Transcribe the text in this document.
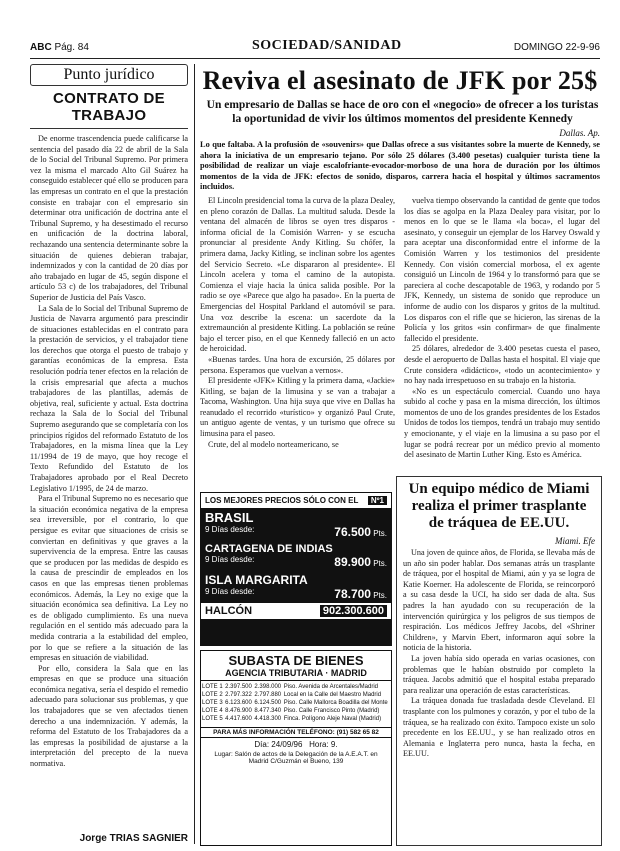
ABC Pág. 84	SOCIEDAD/SANIDAD	DOMINGO 22-9-96
Punto jurídico
CONTRATO DE TRABAJO

De enorme trascendencia puede calificarse la sentencia del pasado día 22 de abril de la Sala de lo Social del Tribunal Supremo. Por primera vez la misma el marcado Alto Gil Suárez ha conseguido establecer qué ello se producen para las empresas un contrato en el que la prestación consiste en trabajar con el empresario sin determinar otra unificación de doctrina ante el Tribunal Supremo, y ha desestimado el recurso en unificación de la doctrina laboral, rechazando una sentencia determinante sobre la situación de quienes debieran trabajar, indemnizados y con la cantidad de 20 días por año trabajado en lugar de 45, según dispone el artículo 53 c) de los trabajadores, del Tribunal Superior de Justicia del País Vasco.

La Sala de lo Social del Tribunal Supremo de Justicia de Navarra argumentó para prescindir de situaciones establecidas en el contrato para la prestación de servicios, y el trabajador tiene los derechos que otorga el puesto de trabajo y garantías económicas de la empresa. Esta resolución podría tener efectos en la relación de la crisis empresarial que afecta a muchos trabajadores de las plantillas, además de objetiva, real, suficiente y actual. Esta doctrina rechaza la Sala de lo Social del Tribunal Supremo asegurando que se completaría con los principios rígidos del reformado Estatuto de los Trabajadores, en la misma línea que la Ley 11/1994 de 19 de mayo, que hoy recoge el Texto Refundido del Estatuto de los Trabajadores aprobado por el Real Decreto Legislativo 1/1995, de 24 de marzo.

Para el Tribunal Supremo no es necesario que la situación económica negativa de la empresa sea irreversible, por el contrario, lo que persigue es evitar que situaciones de crisis se conviertan en definitivas y que graves a la supervivencia de la empresa. Entre las causas que se producen por las medidas de despido es la causa de prescindir de empleados en los casos en que las empresas tienen problemas económicos. Además, la Ley no exige que la situación económica sea definitiva. La Ley no es de obligado cumplimiento. Es una nueva regulación en el sentido más adecuado para la medida contraria a la estabilidad del empleo, por lo que se refiere a la situación de las empresas en situación de viabilidad.

Por ello, considera la Sala que en las empresas en que se produce una situación económica negativa, sería el despido el remedio adecuado para solucionar sus problemas, y que los trabajadores que se ven afectados tienen derecho a una indemnización. Y además, la reforma del Estatuto de los Trabajadores da a las empresas la posibilidad de ajustarse a la interpretación del precepto de la nueva normativa.

Jorge TRIAS SAGNIER
Reviva el asesinato de JFK por 25$
Un empresario de Dallas se hace de oro con el «negocio» de ofrecer a los turistas la oportunidad de vivir los últimos momentos del presidente Kennedy
Dallas. Ap.
Lo que faltaba. A la profusión de «souvenirs» que Dallas ofrece a sus visitantes sobre la muerte de Kennedy, se ahora la iniciativa de un empresario tejano. Por sólo 25 dólares (3.400 pesetas) cualquier turista tiene la posibilidad de realizar un viaje escalofriante-evocador-morboso de una hora de duración por los últimos momentos de la vida de JFK: efectos de sonido, disparos, carrera hacia el hospital y últimos sacramentos incluidos.

El Lincoln presidencial toma la curva de la plaza Dealey, en pleno corazón de Dallas. La multitud saluda. Desde la ventana del almacén de libros se oyen tres disparos -informa oficial de la Comisión Warren- y se escucha pronunciar al presidente Andy Kitling. Su chófer, la primera dama, Jacky Kitling, se inclinan sobre los agentes del Servicio Secreto. «Le dispararon al presidente». El Lincoln acelera y toma el camino de la autopista. Comienza el viaje hacia la única salida posible. Por la radio se oye «Parece que algo ha pasado». En la puerta de Emergencias del Hospital Parkland el automóvil se para. Una voz describe la escena: un sacerdote da la extremaunción al presidente Kitling. La población se reúne bajo el tercer piso, en el que Kennedy falleció en un acto de heroicidad.

«Buenas tardes. Una hora de excursión, 25 dólares por persona. Esperamos que vuelvan a vernos».

El presidente «JFK» Kitling y la primera dama, «Jackie» Kitling, se bajan de la limusina y se van a trabajar a Tacoma, Washington. Una hija suya que vive en Dallas ha reanudado el recorrido «turístico» y organizó Paul Crute, un antiguo agente de ventas, y un turismo que ofrece su limusina para el paseo.

Crute, del al modelo norteamericano, se

vuelva tiempo observando la cantidad de gente que todos los días se agolpa en la Plaza Dealey para visitar, por lo menos en lo que se le llama «la boca», el lugar del asesinato, y conseguir un ejemplar de los Harvey Oswald y para aceptar una disconformidad entre el informe de la Comisión Warren y los testimonios del presidente Kennedy. Con visión comercial morbosa, el ex agente consiguió un Lincoln de 1964 y lo transformó para que se pareciera al coche descapotable de 1963, y rodando por 5 JFK, Kennedy, un sistema de sonido que reproduce un informe de audio con los disparos y gritos de la multitud. Los disparos con el rifle que se hicieron, las sirenas de la Policía y los gritos «sin confirmar» de que finalmente fallecido el presidente.

25 dólares, alrededor de 3.400 pesetas cuesta el paseo, desde el aeropuerto de Dallas hasta el hospital. El viaje que Crute considera «didáctico», «todo un acontecimiento» y no hay nada irrespetuoso en su trabajo en la historia.

«No es un espectáculo comercial. Cuando uno haya subido al coche y pasa en la misma dirección, los últimos momentos de uno de los grandes presidentes de los Estados Unidos de todos los tiempos, tendrá un trabajo muy sentido y emocionante, y el viaje en la limusina a su paso por el lugar se podrá recrear por un médico previo al momento del asesinato de Martin Luther King. Esto es América.

LOS MEJORES PRECIOS SÓLO CON EL	Nº1
BRASIL
9 Días desde:	76.500 Pts.
CARTAGENA DE INDIAS
9 Días desde:	89.900 Pts.
ISLA MARGARITA
9 Días desde:	78.700 Pts.
HALCÓN	902.300.600
SUBASTA DE BIENES
AGENCIA TRIBUTARIA · MADRID
LOTE 1	2.397.500	2.398.000	Piso. Avenida de Arcentales/Madrid
LOTE 2	2.797.322	2.797.880	Local en la Calle del Maestro Madrid
LOTE 3	6.123.600	6.124.500	Piso. Calle Mallorca Boadilla del Monte
LOTE 4	8.476.900	8.477.340	Piso. Calle Francisco Pinto (Madrid)
LOTE 5	4.417.600	4.418.300	Finca. Polígono Aleje Naval (Madrid)
PARA MÁS INFORMACIÓN TELÉFONO: (91) 582 65 82
Día: 24/09/96 Hora: 9.
Lugar: Salón de actos de la Delegación de la A.E.A.T. en Madrid C/Guzmán el Bueno, 139
Un equipo médico de Miami realiza el primer trasplante de tráquea de EE.UU.
Miami. Efe

Una joven de quince años, de Florida, se llevaba más de un año sin poder hablar. Dos semanas atrás un trasplante de tráquea, por el hospital de Miami, aún y ya se logra de Katie Koerner. Ha adolescente de Florida, se reincorporó a su casa desde la UCI, ha sido ser dada de alta. Sus padres la han ayudado con su recuperación de la intervención quirúrgica y los peligros de sus tiempos de respiración. Los médicos Jeffrey Jacobs, del «Shriner Children», y Marvin Ebert, informaron aquí sobre la noticia de la historia.

La joven había sido operada en varias ocasiones, con problemas que le habían obstruido por completo la tráquea. Jacobs admitió que el hospital estaba preparado para realizar una operación de estas características.

La tráquea donada fue trasladada desde Cleveland. El trasplante con los pulmones y corazón, y por el tubo de la tráquea, se ha realizado con éxito. Tampoco existe un solo precedente en los EE.UU., y se han realizado otros en Alemania e Inglaterra pero nunca, hasta la fecha, en EE.UU.
